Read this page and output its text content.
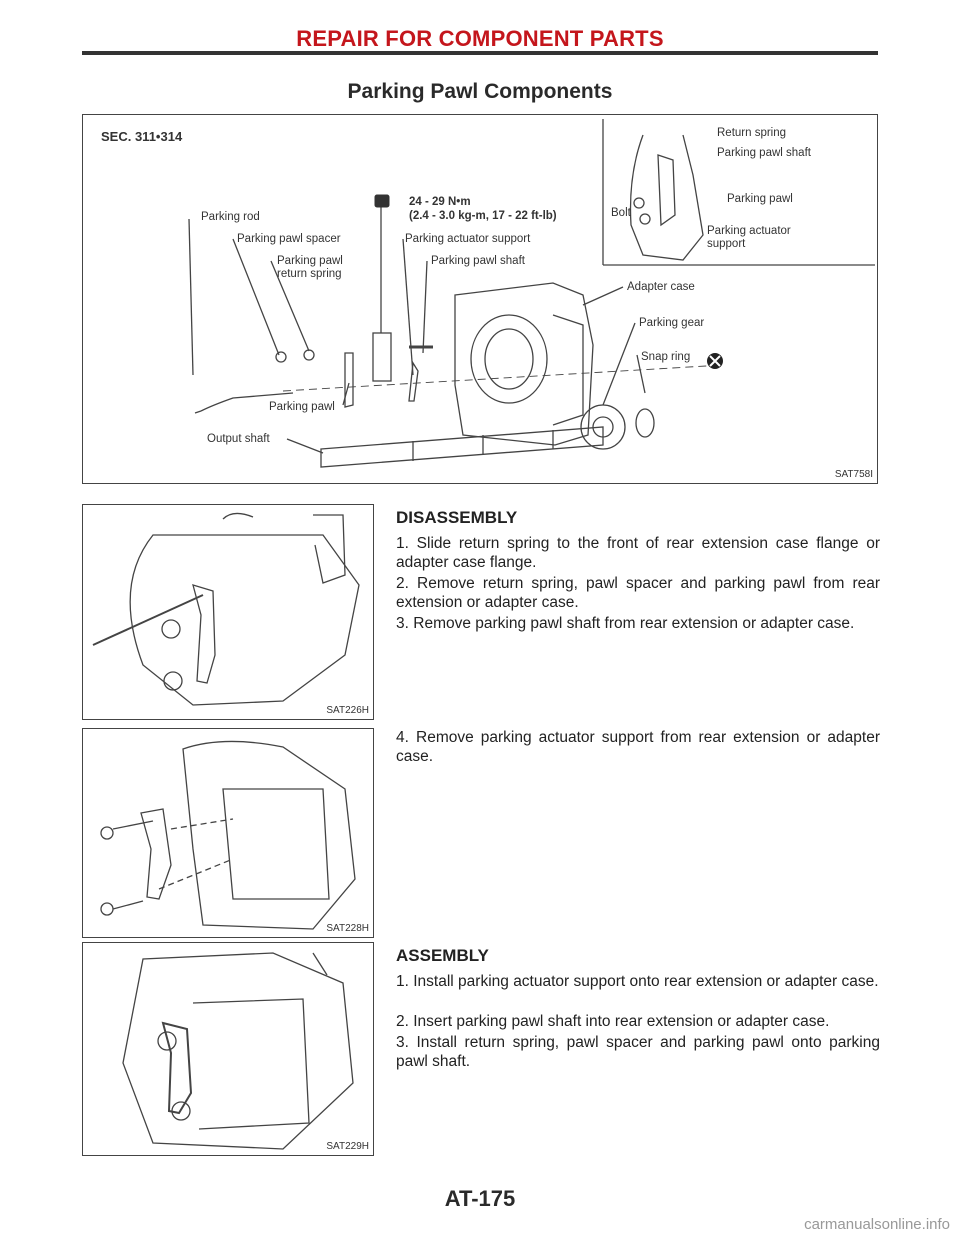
REPAIR FOR COMPONENT PARTS
Parking Pawl Components
SEC. 311•314
24 - 29 N•m
(2.4 - 3.0 kg-m, 17 - 22 ft-lb)
Parking rod
Parking pawl spacer
Parking pawl
return spring
Parking pawl
Output shaft
Parking actuator support
Parking pawl shaft
Adapter case
Parking gear
Snap ring
Return spring
Parking pawl shaft
Parking pawl
Bolt
Parking actuator
support
SAT758I
SAT226H
SAT228H
SAT229H
DISASSEMBLY
1. Slide return spring to the front of rear extension case flange or adapter case flange.
2. Remove return spring, pawl spacer and parking pawl from rear extension or adapter case.
3. Remove parking pawl shaft from rear extension or adapter case.
4. Remove parking actuator support from rear extension or adapter case.
ASSEMBLY
1. Install parking actuator support onto rear extension or adapter case.
2. Insert parking pawl shaft into rear extension or adapter case.
3. Install return spring, pawl spacer and parking pawl onto parking pawl shaft.
AT-175
carmanualsonline.info
